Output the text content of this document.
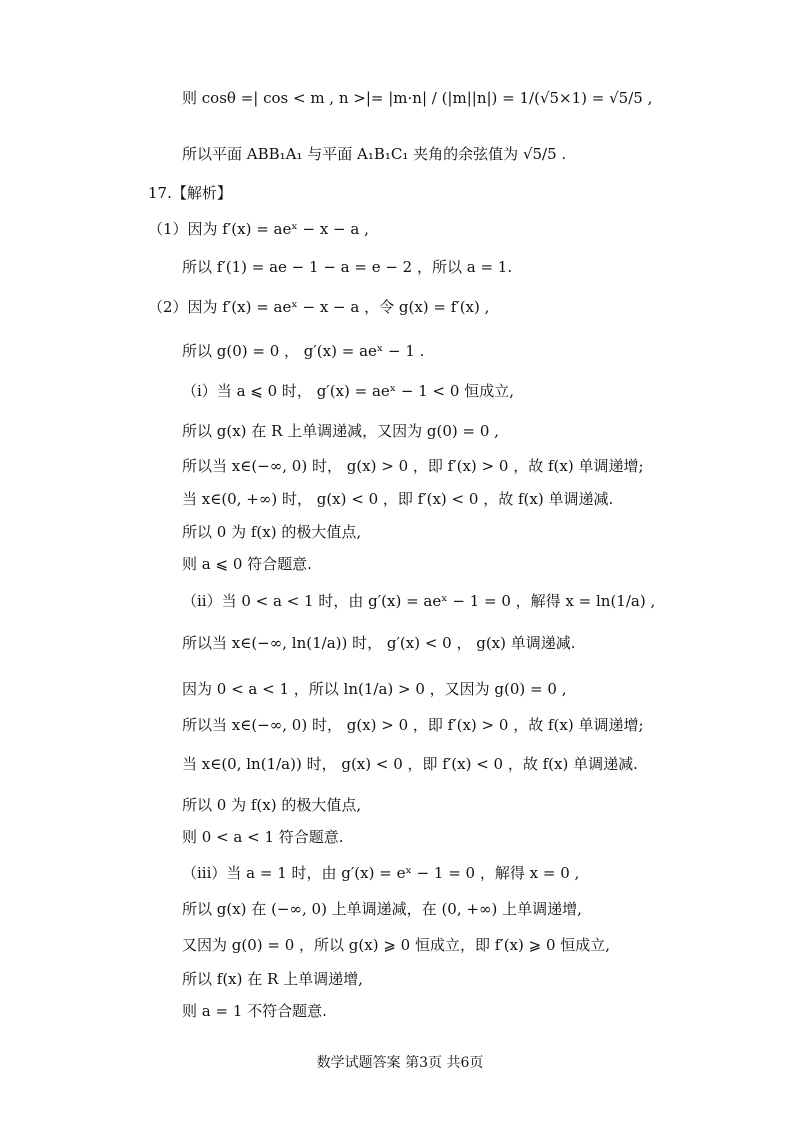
则 cosθ =| cos < m , n >|= |m·n| / (|m||n|) = 1/(√5×1) = √5/5 ,
所以平面 ABB₁A₁ 与平面 A₁B₁C₁ 夹角的余弦值为 √5/5 .
17.【解析】
（1）因为 f′(x) = aeˣ − x − a ,
所以 f′(1) = ae − 1 − a = e − 2 ，所以 a = 1.
（2）因为 f′(x) = aeˣ − x − a ，令 g(x) = f′(x) ,
所以 g(0) = 0 ， g′(x) = aeˣ − 1 .
（i）当 a ⩽ 0 时， g′(x) = aeˣ − 1 < 0 恒成立,
所以 g(x) 在 R 上单调递减，又因为 g(0) = 0 ,
所以当 x∈(−∞, 0) 时， g(x) > 0 ，即 f′(x) > 0 ，故 f(x) 单调递增;
当 x∈(0, +∞) 时， g(x) < 0 ，即 f′(x) < 0 ，故 f(x) 单调递减.
所以 0 为 f(x) 的极大值点,
则 a ⩽ 0 符合题意.
（ii）当 0 < a < 1 时，由 g′(x) = aeˣ − 1 = 0 ，解得 x = ln(1/a) ,
所以当 x∈(−∞, ln(1/a)) 时， g′(x) < 0 ， g(x) 单调递减.
因为 0 < a < 1 ，所以 ln(1/a) > 0 ，又因为 g(0) = 0 ,
所以当 x∈(−∞, 0) 时， g(x) > 0 ，即 f′(x) > 0 ，故 f(x) 单调递增;
当 x∈(0, ln(1/a)) 时， g(x) < 0 ，即 f′(x) < 0 ，故 f(x) 单调递减.
所以 0 为 f(x) 的极大值点,
则 0 < a < 1 符合题意.
（iii）当 a = 1 时，由 g′(x) = eˣ − 1 = 0 ，解得 x = 0 ,
所以 g(x) 在 (−∞, 0) 上单调递减，在 (0, +∞) 上单调递增,
又因为 g(0) = 0 ，所以 g(x) ⩾ 0 恒成立，即 f′(x) ⩾ 0 恒成立,
所以 f(x) 在 R 上单调递增,
则 a = 1 不符合题意.
数学试题答案 第3页 共6页
